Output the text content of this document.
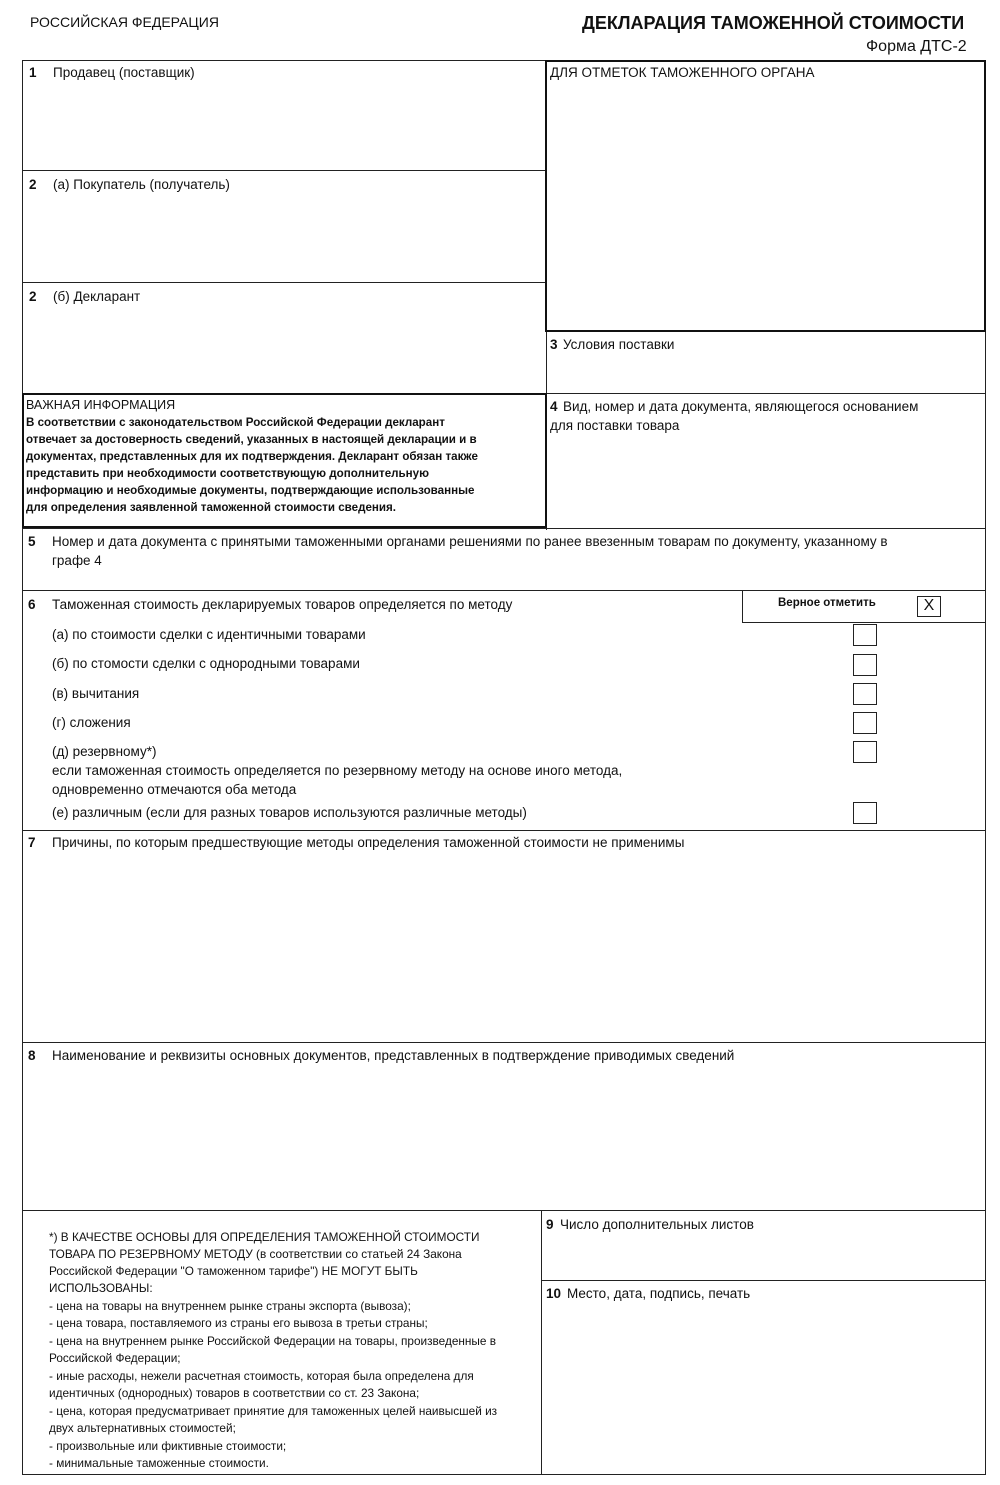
РОССИЙСКАЯ ФЕДЕРАЦИЯ	ДЕКЛАРАЦИЯ ТАМОЖЕННОЙ СТОИМОСТИ
Форма ДТС-2
1 Продавец (поставщик)
2 (а) Покупатель (получатель)
2 (б) Декларант
ДЛЯ ОТМЕТОК ТАМОЖЕННОГО ОРГАНА
3 Условия поставки
ВАЖНАЯ ИНФОРМАЦИЯ
В соответствии с законодательством Российской Федерации декларант
отвечает за достоверность сведений, указанных в настоящей декларации и в
документах, представленных для их подтверждения. Декларант обязан также
представить при необходимости соответствующую дополнительную
информацию и необходимые документы, подтверждающие использованные
для определения заявленной таможенной стоимости сведения.
4 Вид, номер и дата документа, являющегося основанием
для поставки товара
5 Номер и дата документа с принятыми таможенными органами решениями по ранее ввезенным товарам по документу, указанному в
графе 4
6 Таможенная стоимость декларируемых товаров определяется по методу	Верное отметить	X
(а) по стоимости сделки с идентичными товарами
(б) по стомости сделки с однородными товарами
(в) вычитания
(г) сложения
(д) резервному*)
если таможенная стоимость определяется по резервному методу на основе иного метода,
одновременно отмечаются оба метода
(е) различным (если для разных товаров используются различные методы)
7 Причины, по которым предшествующие методы определения таможенной стоимости не применимы
8 Наименование и реквизиты основных документов, представленных в подтверждение приводимых сведений
*) В КАЧЕСТВЕ ОСНОВЫ ДЛЯ ОПРЕДЕЛЕНИЯ ТАМОЖЕННОЙ СТОИМОСТИ
ТОВАРА ПО РЕЗЕРВНОМУ МЕТОДУ (в соответствии со статьей 24 Закона
Российской Федерации "О таможенном тарифе") НЕ МОГУТ БЫТЬ
ИСПОЛЬЗОВАНЫ:
- цена на товары на внутреннем рынке страны экспорта (вывоза);
- цена товара, поставляемого из страны его вывоза в третьи страны;
- цена на внутреннем рынке Российской Федерации на товары, произведенные в
Российской Федерации;
- иные расходы, нежели расчетная стоимость, которая была определена для
идентичных (однородных) товаров в соответствии со ст. 23 Закона;
- цена, которая предусматривает принятие для таможенных целей наивысшей из
двух альтернативных стоимостей;
- произвольные или фиктивные стоимости;
- минимальные таможенные стоимости.
9 Число дополнительных листов
10 Место, дата, подпись, печать
